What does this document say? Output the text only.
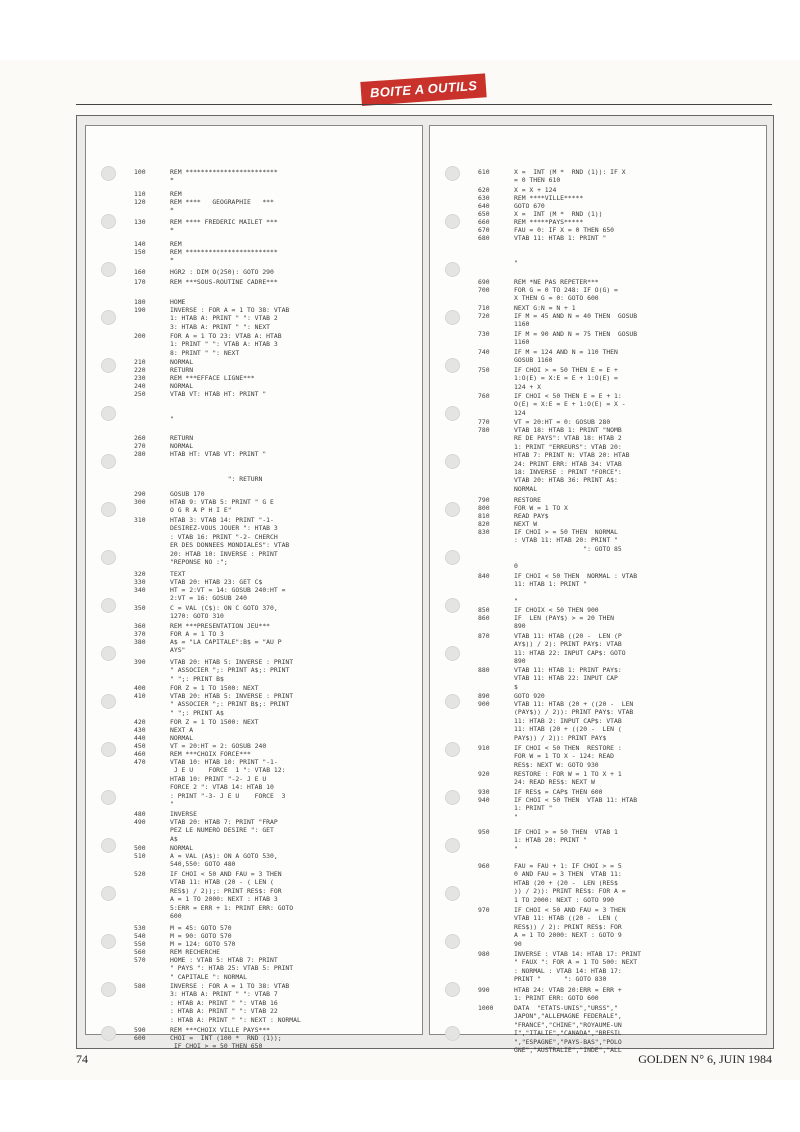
BOITE A OUTILS
100	REM ************************
*
110	REM
120	REM ****   GEOGRAPHIE   ***
*
130	REM **** FREDERIC MAILET ***
*
140	REM
150	REM ************************
*
160	HGR2 : DIM O(250): GOTO 290
170	REM ***SOUS-ROUTINE CADRE***
180	HOME
190	INVERSE : FOR A = 1 TO 38: VTAB
1: HTAB A: PRINT " ": VTAB 2
3: HTAB A: PRINT " ": NEXT
200	FOR A = 1 TO 23: VTAB A: HTAB
1: PRINT " ": VTAB A: HTAB 3
8: PRINT " ": NEXT
210	NORMAL
220	RETURN
230	REM ***EFFACE LIGNE***
240	NORMAL
250	VTAB VT: HTAB HT: PRINT "

"
260	RETURN
270	NORMAL
280	HTAB HT: VTAB VT: PRINT "

": RETURN
290	GOSUB 170
300	HTAB 9: VTAB 5: PRINT " G E
O G R A P H I E"
310	HTAB 3: VTAB 14: PRINT "-1-
DESIREZ-VOUS JOUER ": HTAB 3
: VTAB 16: PRINT "-2- CHERCH
ER DES DONNEES MONDIALES": VTAB
20: HTAB 10: INVERSE : PRINT
"REPONSE NO :";
320	TEXT
330	VTAB 20: HTAB 23: GET C$
340	HT = 2:VT = 14: GOSUB 240:HT =
2:VT = 16: GOSUB 240
350	C = VAL (C$): ON C GOTO 370,
1270: GOTO 310
360	REM ***PRESENTATION JEU***
370	FOR A = 1 TO 3
380	A$ = "LA CAPITALE":B$ = "AU P
AYS"
390	VTAB 20: HTAB 5: INVERSE : PRINT
" ASSOCIER ";: PRINT A$;: PRINT
" ";: PRINT B$
400	FOR Z = 1 TO 1500: NEXT
410	VTAB 20: HTAB 5: INVERSE : PRINT
" ASSOCIER ";: PRINT B$;: PRINT
" ";: PRINT A$
420	FOR Z = 1 TO 1500: NEXT
430	NEXT A
440	NORMAL
450	VT = 20:HT = 2: GOSUB 240
460	REM ***CHOIX FORCE***
470	VTAB 10: HTAB 10: PRINT "-1-
J E U    FORCE  1 ": VTAB 12:
HTAB 10: PRINT "-2- J E U
FORCE 2 ": VTAB 14: HTAB 10
: PRINT "-3- J E U    FORCE  3
"
480	INVERSE
490	VTAB 20: HTAB 7: PRINT "FRAP
PEZ LE NUMERO DESIRE ": GET
A$
500	NORMAL
510	A = VAL (A$): ON A GOTO 530,
540,550: GOTO 480
520	IF CHOI < 50 AND FAU = 3 THEN
VTAB 11: HTAB (20 - ( LEN (
RES$) / 2));: PRINT RES$: FOR
A = 1 TO 2000: NEXT : HTAB 3
5:ERR = ERR + 1: PRINT ERR: GOTO
600
530	M = 45: GOTO 570
540	M = 90: GOTO 570
550	M = 124: GOTO 570
560	REM RECHERCHE
570	HOME : VTAB 5: HTAB 7: PRINT
" PAYS ": HTAB 25: VTAB 5: PRINT
" CAPITALE ": NORMAL
580	INVERSE : FOR A = 1 TO 38: VTAB
3: HTAB A: PRINT " ": VTAB 7
: HTAB A: PRINT " ": VTAB 16
: HTAB A: PRINT " ": VTAB 22
: HTAB A: PRINT " ": NEXT : NORMAL
590	REM ***CHOIX VILLE PAYS***
600	CHOI =  INT (100 *  RND (1));
IF CHOI > = 50 THEN 650
610	X =  INT (M *  RND (1)): IF X
= 0 THEN 610
620	X = X + 124
630	REM ****VILLE*****
640	GOTO 670
650	X =  INT (M *  RND (1))
660	REM *****PAYS*****
670	FAU = 0: IF X = 0 THEN 650
680	VTAB 11: HTAB 1: PRINT "

"
690	REM *NE PAS REPETER***
700	FOR G = 0 TO 248: IF O(G) =
X THEN G = 0: GOTO 600
710	NEXT G:N = N + 1
720	IF M = 45 AND N = 40 THEN  GOSUB
1160
730	IF M = 90 AND N = 75 THEN  GOSUB
1160
740	IF M = 124 AND N = 110 THEN
GOSUB 1160
750	IF CHOI > = 50 THEN E = E +
1:O(E) = X:E = E + 1:O(E) =
124 + X
760	IF CHOI < 50 THEN E = E + 1:
O(E) = X:E = E + 1:O(E) = X -
124
770	VT = 20:HT = 0: GOSUB 280
780	VTAB 18: HTAB 1: PRINT "NOMB
RE DE PAYS": VTAB 18: HTAB 2
1: PRINT "ERREURS": VTAB 20:
HTAB 7: PRINT N: VTAB 20: HTAB
24: PRINT ERR: HTAB 34: VTAB
18: INVERSE : PRINT "FORCE":
VTAB 20: HTAB 36: PRINT A$:
NORMAL
790	RESTORE
800	FOR W = 1 TO X
810	READ PAY$
820	NEXT W
830	IF CHOI > = 50 THEN  NORMAL
: VTAB 11: HTAB 20: PRINT "
": GOTO 85

0
840	IF CHOI < 50 THEN  NORMAL : VTAB
11: HTAB 1: PRINT "

"
850	IF CHOIX < 50 THEN 900
860	IF  LEN (PAY$) > = 20 THEN
890
870	VTAB 11: HTAB ((20 -  LEN (P
AY$)) / 2): PRINT PAY$: VTAB
11: HTAB 22: INPUT CAP$: GOTO
890
880	VTAB 11: HTAB 1: PRINT PAY$:
VTAB 11: HTAB 22: INPUT CAP
$
890	GOTO 920
900	VTAB 11: HTAB (20 + ((20 -  LEN
(PAY$)) / 2)): PRINT PAY$: VTAB
11: HTAB 2: INPUT CAP$: VTAB
11: HTAB (20 + ((20 -  LEN (
PAY$)) / 2)): PRINT PAY$
910	IF CHOI < 50 THEN  RESTORE :
FOR W = 1 TO X - 124: READ
RES$: NEXT W: GOTO 930
920	RESTORE : FOR W = 1 TO X + 1
24: READ RES$: NEXT W
930	IF RES$ = CAP$ THEN 600
940	IF CHOI < 50 THEN  VTAB 11: HTAB
1: PRINT "
"
950	IF CHOI > = 50 THEN  VTAB 1
1: HTAB 20: PRINT "
"
960	FAU = FAU + 1: IF CHOI > = 5
0 AND FAU = 3 THEN  VTAB 11:
HTAB (20 + (20 -  LEN (RES$
)) / 2)): PRINT RES$: FOR A =
1 TO 2000: NEXT : GOTO 990
970	IF CHOI < 50 AND FAU = 3 THEN
VTAB 11: HTAB ((20 -  LEN (
RES$)) / 2): PRINT RES$: FOR
A = 1 TO 2000: NEXT : GOTO 9
90
980	INVERSE : VTAB 14: HTAB 17: PRINT
" FAUX ": FOR A = 1 TO 500: NEXT
: NORMAL : VTAB 14: HTAB 17:
PRINT "      ": GOTO 830
990	HTAB 24: VTAB 20:ERR = ERR +
1: PRINT ERR: GOTO 600
1000	DATA  "ETATS-UNIS","URSS","
JAPON","ALLEMAGNE FEDERALE",
"FRANCE","CHINE","ROYAUME-UN
I","ITALIE","CANADA","BRESIL
","ESPAGNE","PAYS-BAS","POLO
GNE","AUSTRALIE","INDE","ALL
74	GOLDEN N° 6, JUIN 1984
